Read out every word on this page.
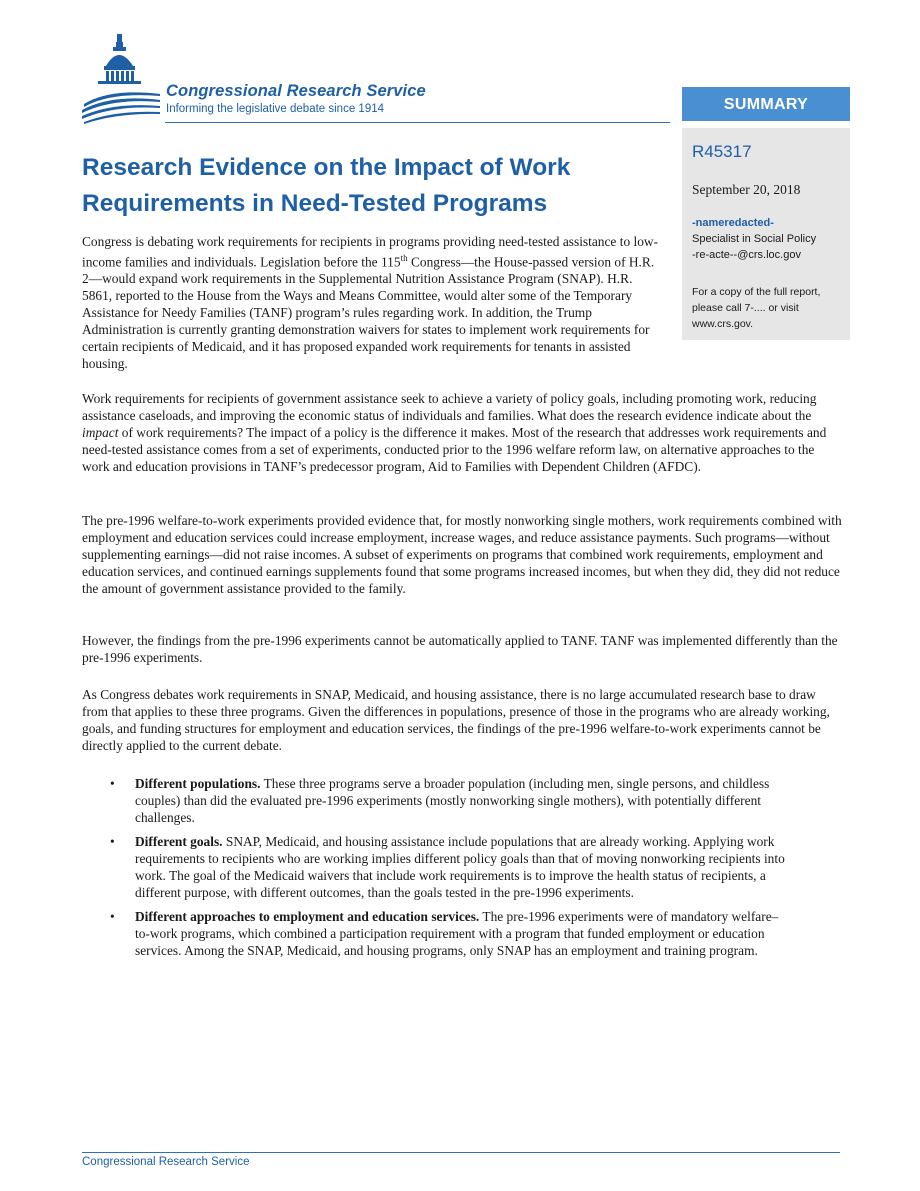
Congressional Research Service
Informing the legislative debate since 1914	SUMMARY
R45317
September 20, 2018
-nameredacted-
Specialist in Social Policy
-re-acte--@crs.loc.gov
For a copy of the full report, please call 7-.... or visit www.crs.gov.
Research Evidence on the Impact of Work Requirements in Need-Tested Programs

Congress is debating work requirements for recipients in programs providing need-tested assistance to low-income families and individuals. Legislation before the 115th Congress—the House-passed version of H.R. 2—would expand work requirements in the Supplemental Nutrition Assistance Program (SNAP). H.R. 5861, reported to the House from the Ways and Means Committee, would alter some of the Temporary Assistance for Needy Families (TANF) program’s rules regarding work. In addition, the Trump Administration is currently granting demonstration waivers for states to implement work requirements for certain recipients of Medicaid, and it has proposed expanded work requirements for tenants in assisted housing.

Work requirements for recipients of government assistance seek to achieve a variety of policy goals, including promoting work, reducing assistance caseloads, and improving the economic status of individuals and families. What does the research evidence indicate about the impact of work requirements? The impact of a policy is the difference it makes. Most of the research that addresses work requirements and need-tested assistance comes from a set of experiments, conducted prior to the 1996 welfare reform law, on alternative approaches to the work and education provisions in TANF’s predecessor program, Aid to Families with Dependent Children (AFDC).

The pre-1996 welfare-to-work experiments provided evidence that, for mostly nonworking single mothers, work requirements combined with employment and education services could increase employment, increase wages, and reduce assistance payments. Such programs—without supplementing earnings—did not raise incomes. A subset of experiments on programs that combined work requirements, employment and education services, and continued earnings supplements found that some programs increased incomes, but when they did, they did not reduce the amount of government assistance provided to the family.

However, the findings from the pre-1996 experiments cannot be automatically applied to TANF. TANF was implemented differently than the pre-1996 experiments.

As Congress debates work requirements in SNAP, Medicaid, and housing assistance, there is no large accumulated research base to draw from that applies to these three programs. Given the differences in populations, presence of those in the programs who are already working, goals, and funding structures for employment and education services, the findings of the pre-1996 welfare-to-work experiments cannot be directly applied to the current debate.

• Different populations. These three programs serve a broader population (including men, single persons, and childless couples) than did the evaluated pre-1996 experiments (mostly nonworking single mothers), with potentially different challenges.
• Different goals. SNAP, Medicaid, and housing assistance include populations that are already working. Applying work requirements to recipients who are working implies different policy goals than that of moving nonworking recipients into work. The goal of the Medicaid waivers that include work requirements is to improve the health status of recipients, a different purpose, with different outcomes, than the goals tested in the pre-1996 experiments.
• Different approaches to employment and education services. The pre-1996 experiments were of mandatory welfare–to-work programs, which combined a participation requirement with a program that funded employment or education services. Among the SNAP, Medicaid, and housing programs, only SNAP has an employment and training program.
Congressional Research Service
